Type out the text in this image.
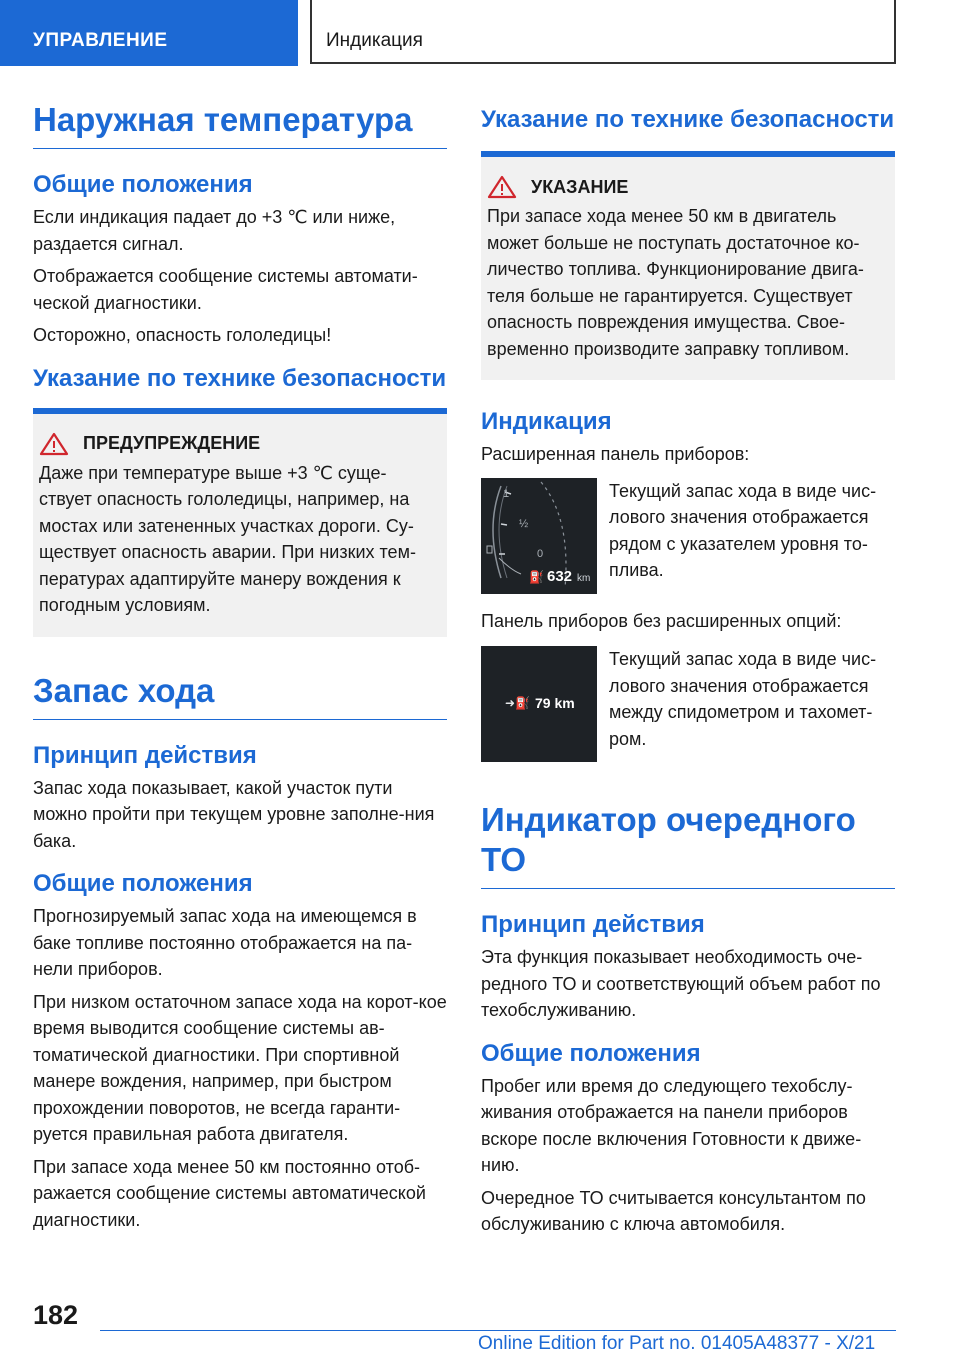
УПРАВЛЕНИЕ	Индикация
Наружная температура
Общие положения

Если индикация падает до +3 ℃ или ниже, раздается сигнал.

Отображается сообщение системы автомати-ческой диагностики.

Осторожно, опасность гололедицы!

Указание по технике безопасности
ПРЕДУПРЕЖДЕНИЕ

Даже при температуре выше +3 ℃ суще-ствует опасность гололедицы, например, на мостах или затененных участках дороги. Су-ществует опасность аварии. При низких тем-пературах адаптируйте манеру вождения к погодным условиям.

Запас хода
Принцип действия

Запас хода показывает, какой участок пути можно пройти при текущем уровне заполне-ния бака.

Общие положения

Прогнозируемый запас хода на имеющемся в баке топливе постоянно отображается на па-нели приборов.

При низком остаточном запасе хода на корот-кое время выводится сообщение системы ав-томатической диагностики. При спортивной манере вождения, например, при быстром прохождении поворотов, не всегда гаранти-руется правильная работа двигателя.

При запасе хода менее 50 км постоянно отоб-ражается сообщение системы автоматической диагностики.

Указание по технике безопасности
УКАЗАНИЕ

При запасе хода менее 50 км в двигатель может больше не поступать достаточное ко-личество топлива. Функционирование двига-теля больше не гарантируется. Существует опасность повреждения имущества. Свое-временно производите заправку топливом.

Индикация

Расширенная панель приборов:

1
½
0
⛽ 632 km

Текущий запас хода в виде чис-лового значения отображается рядом с указателем уровня то-плива.

Панель приборов без расширенных опций:

➜⛽ 79 km

Текущий запас хода в виде чис-лового значения отображается между спидометром и тахомет-ром.

Индикатор очередного ТО
Принцип действия

Эта функция показывает необходимость оче-редного ТО и соответствующий объем работ по техобслуживанию.

Общие положения

Пробег или время до следующего техобслу-живания отображается на панели приборов вскоре после включения Готовности к движе-нию.

Очередное ТО считывается консультантом по обслуживанию с ключа автомобиля.

182
Online Edition for Part no. 01405A48377 - X/21
